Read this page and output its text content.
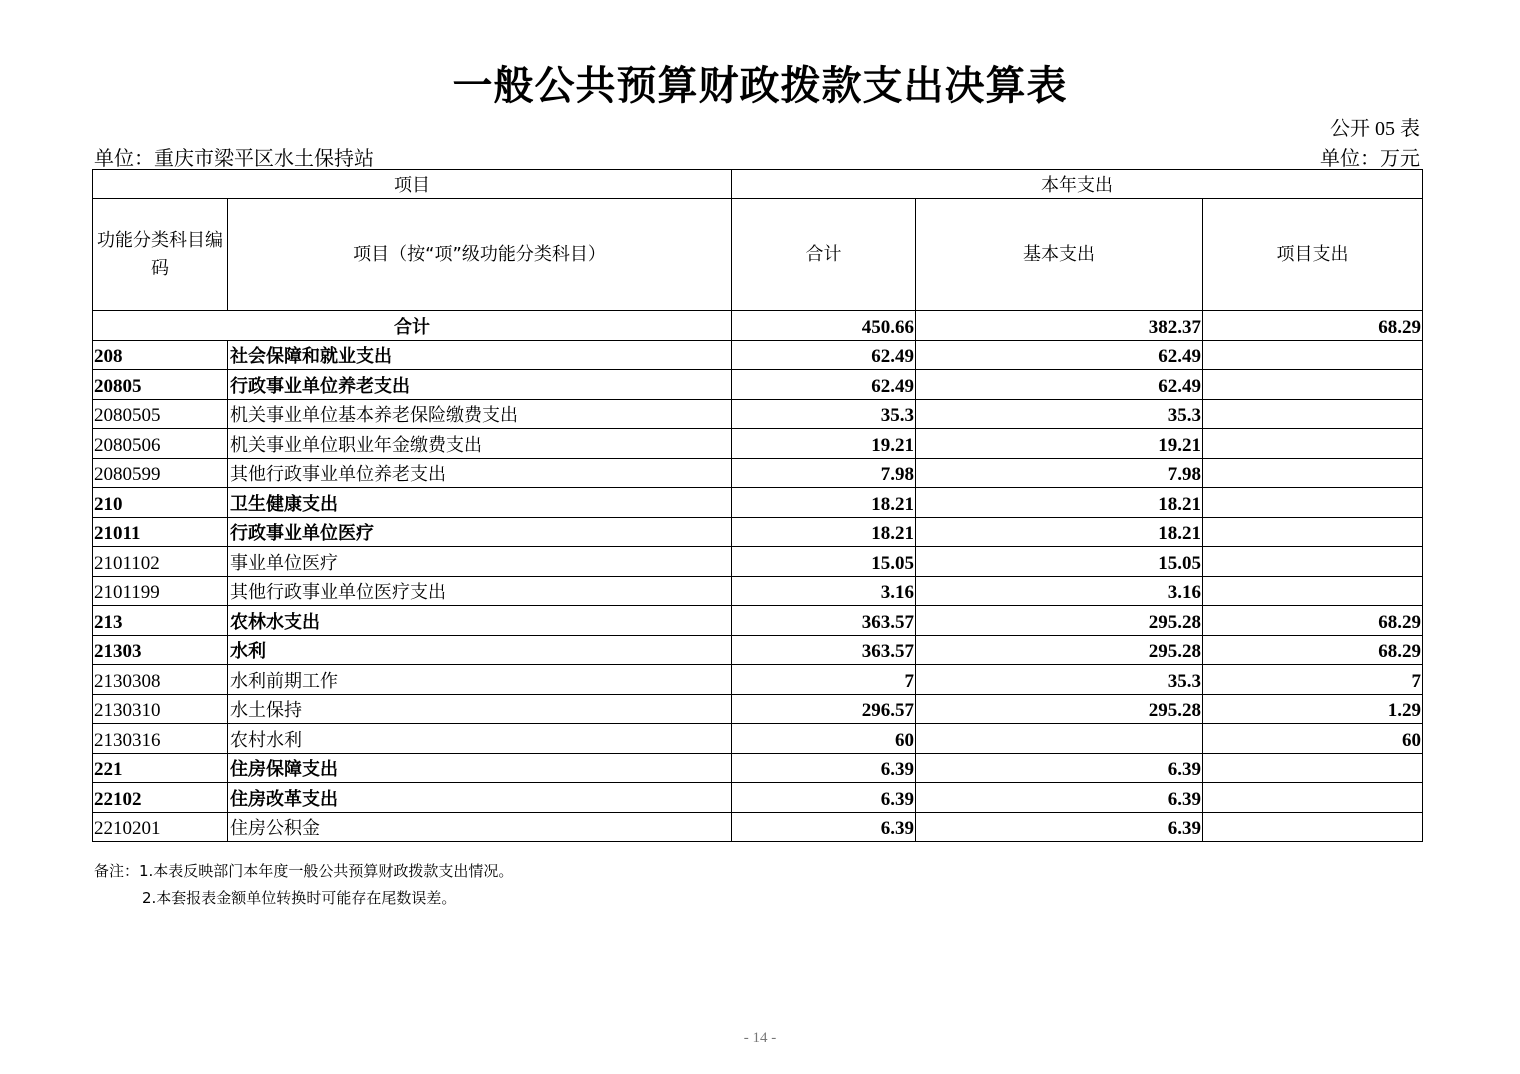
一般公共预算财政拨款支出决算表
公开 05 表
单位：重庆市梁平区水土保持站	单位：万元
项目		本年支出		
功能分类科目编码	项目（按“项”级功能分类科目）	合计	基本支出	项目支出
合计		450.66	382.37	68.29
208	社会保障和就业支出	62.49	62.49	
20805	行政事业单位养老支出	62.49	62.49	
2080505	机关事业单位基本养老保险缴费支出	35.3	35.3	
2080506	机关事业单位职业年金缴费支出	19.21	19.21	
2080599	其他行政事业单位养老支出	7.98	7.98	
210	卫生健康支出	18.21	18.21	
21011	行政事业单位医疗	18.21	18.21	
2101102	事业单位医疗	15.05	15.05	
2101199	其他行政事业单位医疗支出	3.16	3.16	
213	农林水支出	363.57	295.28	68.29
21303	水利	363.57	295.28	68.29
2130308	水利前期工作	7	35.3	7
2130310	水土保持	296.57	295.28	1.29
2130316	农村水利	60		60
221	住房保障支出	6.39	6.39	
22102	住房改革支出	6.39	6.39	
2210201	住房公积金	6.39	6.39	
备注：1.本表反映部门本年度一般公共预算财政拨款支出情况。
2.本套报表金额单位转换时可能存在尾数误差。
- 14 -
